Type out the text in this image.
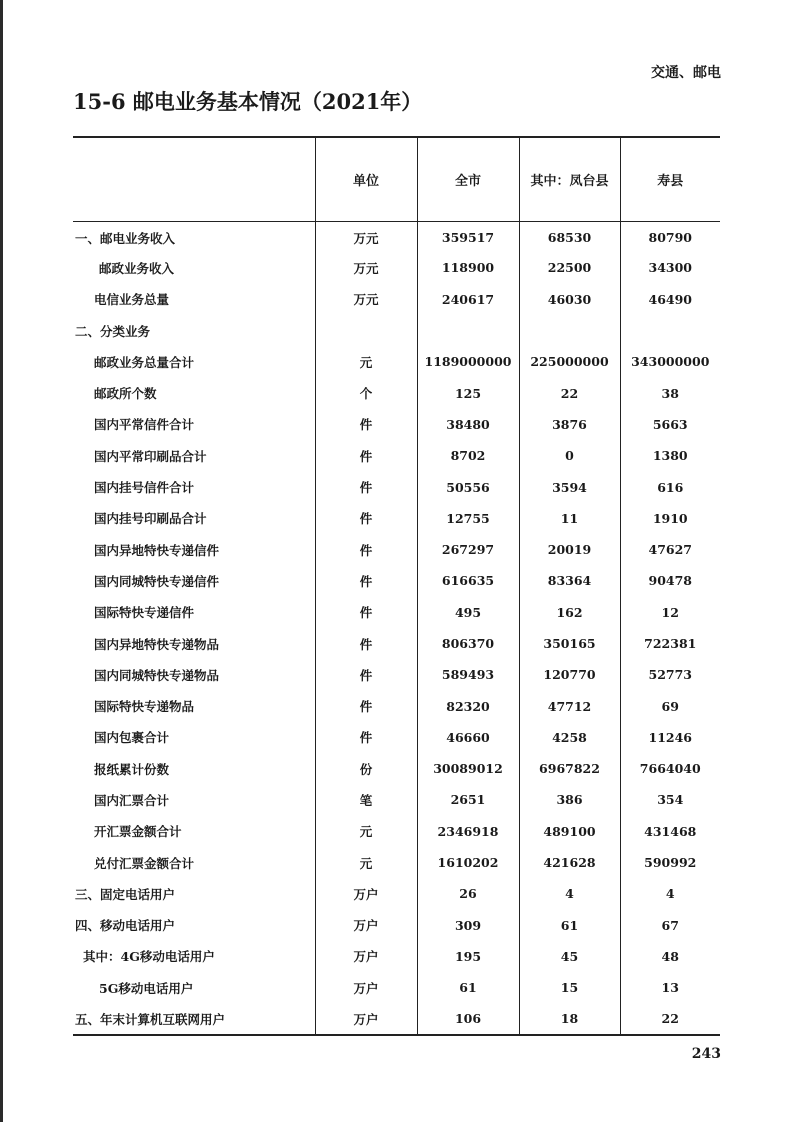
交通、邮电
15-6 邮电业务基本情况（2021年）
	单位	全市	其中：凤台县	寿县
一、邮电业务收入	万元	359517	68530	80790
邮政业务收入	万元	118900	22500	34300
电信业务总量	万元	240617	46030	46490
二、分类业务				
邮政业务总量合计	元	1189000000	225000000	343000000
邮政所个数	个	125	22	38
国内平常信件合计	件	38480	3876	5663
国内平常印刷品合计	件	8702	0	1380
国内挂号信件合计	件	50556	3594	616
国内挂号印刷品合计	件	12755	11	1910
国内异地特快专递信件	件	267297	20019	47627
国内同城特快专递信件	件	616635	83364	90478
国际特快专递信件	件	495	162	12
国内异地特快专递物品	件	806370	350165	722381
国内同城特快专递物品	件	589493	120770	52773
国际特快专递物品	件	82320	47712	69
国内包裹合计	件	46660	4258	11246
报纸累计份数	份	30089012	6967822	7664040
国内汇票合计	笔	2651	386	354
开汇票金额合计	元	2346918	489100	431468
兑付汇票金额合计	元	1610202	421628	590992
三、固定电话用户	万户	26	4	4
四、移动电话用户	万户	309	61	67
其中：4G移动电话用户	万户	195	45	48
5G移动电话用户	万户	61	15	13
五、年末计算机互联网用户	万户	106	18	22
243
